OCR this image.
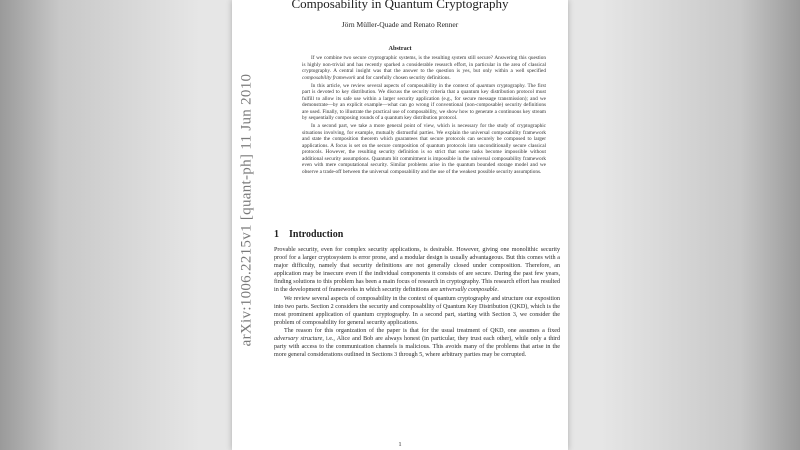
arXiv:1006.2215v1 [quant-ph] 11 Jun 2010
Composability in Quantum Cryptography
Jörn Müller-Quade and Renato Renner
Abstract

If we combine two secure cryptographic systems, is the resulting system still secure? Answering this question is highly non-trivial and has recently sparked a considerable research effort, in particular in the area of classical cryptography. A central insight was that the answer to the question is yes, but only within a well specified composability framework and for carefully chosen security definitions.

In this article, we review several aspects of composability in the context of quantum cryptography. The first part is devoted to key distribution. We discuss the security criteria that a quantum key distribution protocol must fulfill to allow its safe use within a larger security application (e.g., for secure message transmission); and we demonstrate—by an explicit example—what can go wrong if conventional (non-composable) security definitions are used. Finally, to illustrate the practical use of composability, we show how to generate a continuous key stream by sequentially composing rounds of a quantum key distribution protocol.

In a second part, we take a more general point of view, which is necessary for the study of cryptographic situations involving, for example, mutually distrustful parties. We explain the universal composability framework and state the composition theorem which guarantees that secure protocols can securely be composed to larger applications. A focus is set on the secure composition of quantum protocols into unconditionally secure classical protocols. However, the resulting security definition is so strict that some tasks become impossible without additional security assumptions. Quantum bit commitment is impossible in the universal composability framework even with mere computational security. Similar problems arise in the quantum bounded storage model and we observe a trade-off between the universal composability and the use of the weakest possible security assumptions.

1 Introduction

Provable security, even for complex security applications, is desirable. However, giving one monolithic security proof for a larger cryptosystem is error prone, and a modular design is usually advantageous. But this comes with a major difficulty, namely that security definitions are not generally closed under composition. Therefore, an application may be insecure even if the individual components it consists of are secure. During the past few years, finding solutions to this problem has been a main focus of research in cryptography. This research effort has resulted in the development of frameworks in which security definitions are universally composable.

We review several aspects of composability in the context of quantum cryptography and structure our exposition into two parts. Section 2 considers the security and composability of Quantum Key Distribution (QKD), which is the most prominent application of quantum cryptography. In a second part, starting with Section 3, we consider the problem of composability for general security applications.

The reason for this organization of the paper is that for the usual treatment of QKD, one assumes a fixed adversary structure, i.e., Alice and Bob are always honest (in particular, they trust each other), while only a third party with access to the communication channels is malicious. This avoids many of the problems that arise in the more general considerations outlined in Sections 3 through 5, where arbitrary parties may be corrupted.

1
